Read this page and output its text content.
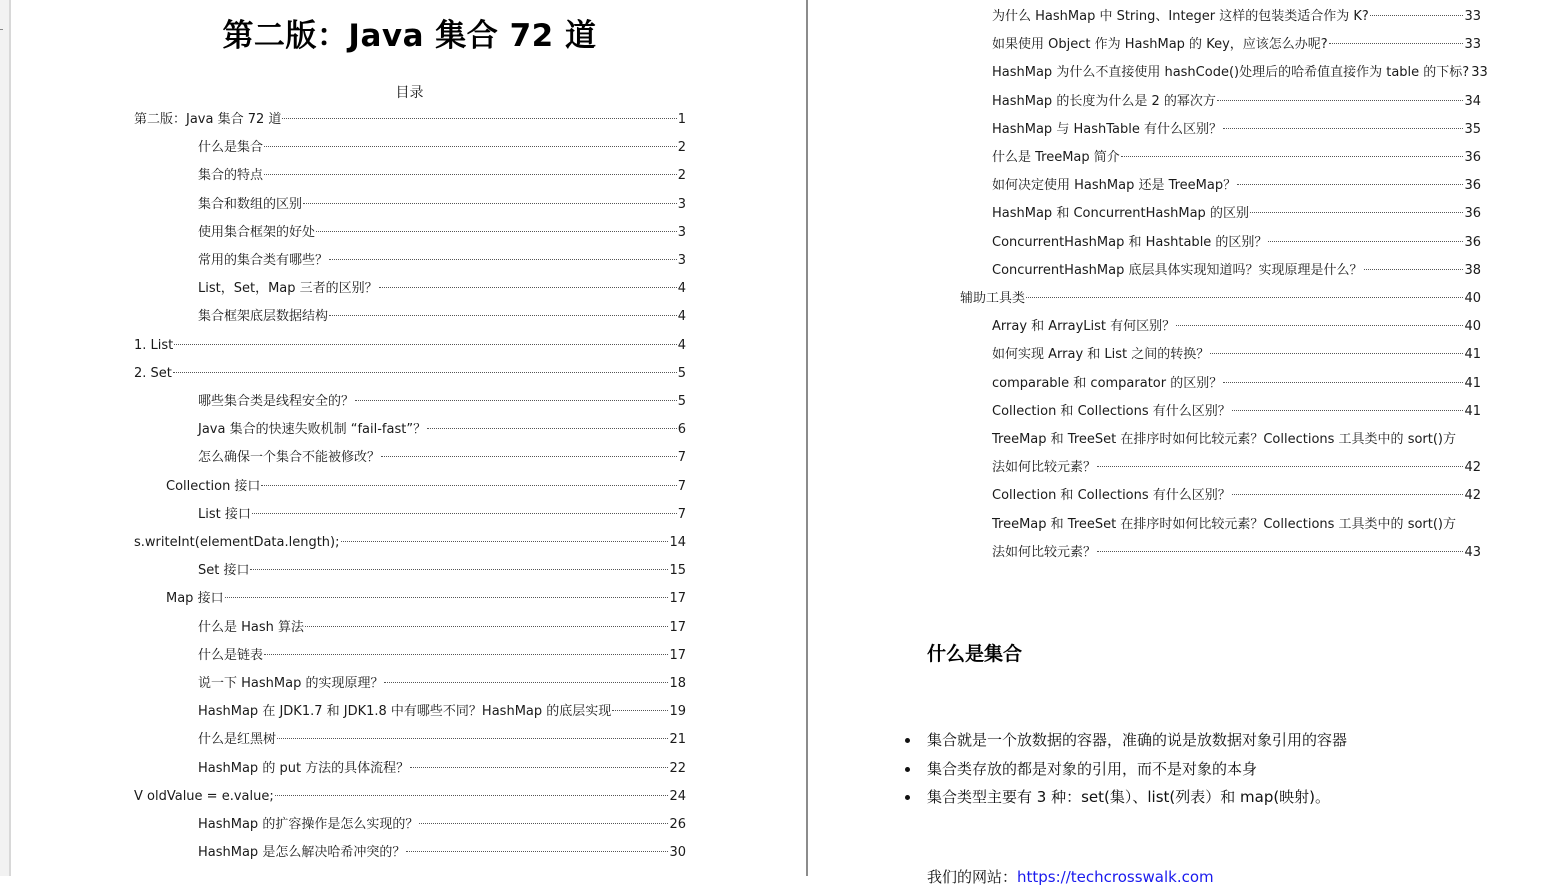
第二版：Java 集合 72 道
目录
第二版：Java 集合 72 道	1
什么是集合	2
集合的特点	2
集合和数组的区别	3
使用集合框架的好处	3
常用的集合类有哪些？	3
List，Set，Map 三者的区别？	4
集合框架底层数据结构	4
1. List	4
2. Set	5
哪些集合类是线程安全的？	5
Java 集合的快速失败机制 “fail-fast”？	6
怎么确保一个集合不能被修改？	7
Collection 接口	7
List 接口	7
s.writeInt(elementData.length);	14
Set 接口	15
Map 接口	17
什么是 Hash 算法	17
什么是链表	17
说一下 HashMap 的实现原理？	18
HashMap 在 JDK1.7 和 JDK1.8 中有哪些不同？HashMap 的底层实现	19
什么是红黑树	21
HashMap 的 put 方法的具体流程？	22
V oldValue = e.value;	24
HashMap 的扩容操作是怎么实现的？	26
HashMap 是怎么解决哈希冲突的？	30
为什么 HashMap 中 String、Integer 这样的包装类适合作为 K?	33
如果使用 Object 作为 HashMap 的 Key，应该怎么办呢?	33
HashMap 为什么不直接使用 hashCode()处理后的哈希值直接作为 table 的下标? 33
HashMap 的长度为什么是 2 的幂次方	34
HashMap 与 HashTable 有什么区别？	35
什么是 TreeMap 简介	36
如何决定使用 HashMap 还是 TreeMap？	36
HashMap 和 ConcurrentHashMap 的区别	36
ConcurrentHashMap 和 Hashtable 的区别？	36
ConcurrentHashMap 底层具体实现知道吗？实现原理是什么？	38
辅助工具类	40
Array 和 ArrayList 有何区别？	40
如何实现 Array 和 List 之间的转换？	41
comparable 和 comparator 的区别？	41
Collection 和 Collections 有什么区别？	41
TreeMap 和 TreeSet 在排序时如何比较元素？Collections 工具类中的 sort()方
法如何比较元素？	42
Collection 和 Collections 有什么区别？	42
TreeMap 和 TreeSet 在排序时如何比较元素？Collections 工具类中的 sort()方
法如何比较元素？	43
什么是集合
集合就是一个放数据的容器，准确的说是放数据对象引用的容器
集合类存放的都是对象的引用，而不是对象的本身
集合类型主要有 3 种：set(集）、list(列表）和 map(映射)。
我们的网站：https://techcrosswalk.com
